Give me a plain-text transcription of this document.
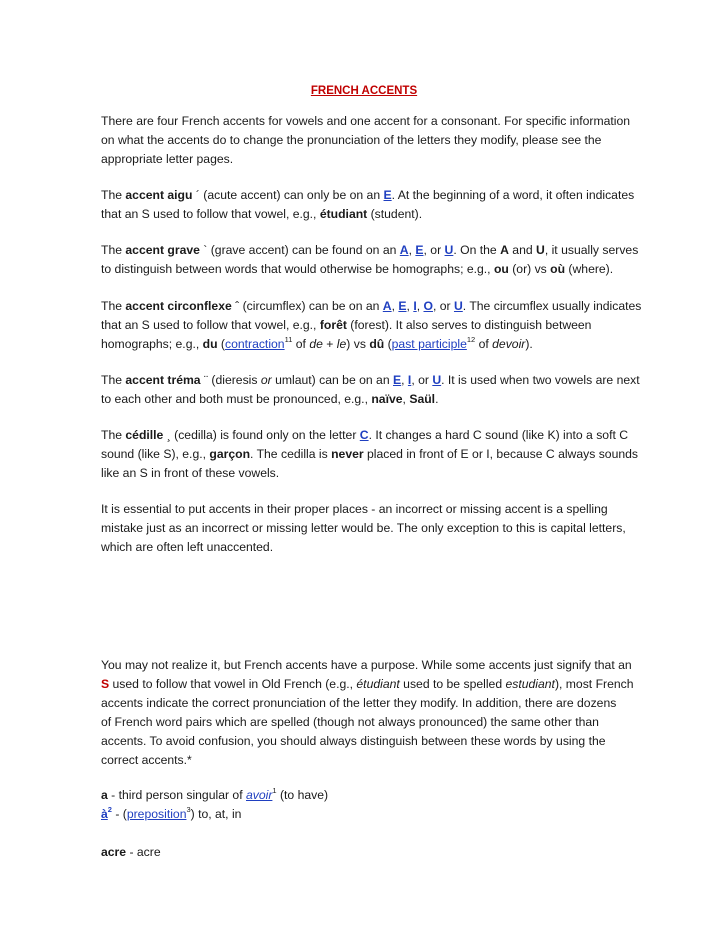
FRENCH ACCENTS

There are four French accents for vowels and one accent for a consonant. For specific information
on what the accents do to change the pronunciation of the letters they modify, please see the
appropriate letter pages.

The accent aigu ´ (acute accent) can only be on an E. At the beginning of a word, it often indicates
that an S used to follow that vowel, e.g., étudiant (student).

The accent grave ` (grave accent) can be found on an A, E, or U. On the A and U, it usually serves
to distinguish between words that would otherwise be homographs; e.g., ou (or) vs où (where).

The accent circonflexe ˆ (circumflex) can be on an A, E, I, O, or U. The circumflex usually indicates
that an S used to follow that vowel, e.g., forêt (forest). It also serves to distinguish between
homographs; e.g., du (contraction$^{11}$ of de + le) vs dû (past participle$^{12}$ of devoir).

The accent tréma ¨ (dieresis or umlaut) can be on an E, I, or U. It is used when two vowels are next
to each other and both must be pronounced, e.g., naïve, Saül.

The cédille ¸ (cedilla) is found only on the letter C. It changes a hard C sound (like K) into a soft C
sound (like S), e.g., garçon. The cedilla is never placed in front of E or I, because C always sounds
like an S in front of these vowels.

It is essential to put accents in their proper places - an incorrect or missing accent is a spelling
mistake just as an incorrect or missing letter would be. The only exception to this is capital letters,
which are often left unaccented.

You may not realize it, but French accents have a purpose. While some accents just signify that an
S used to follow that vowel in Old French (e.g., étudiant used to be spelled estudiant), most French
accents indicate the correct pronunciation of the letter they modify. In addition, there are dozens
of French word pairs which are spelled (though not always pronounced) the same other than
accents. To avoid confusion, you should always distinguish between these words by using the
correct accents.*

a - third person singular of avoir$^1$ (to have)
$à^2$ - (preposition$^3$) to, at, in

acre - acre
